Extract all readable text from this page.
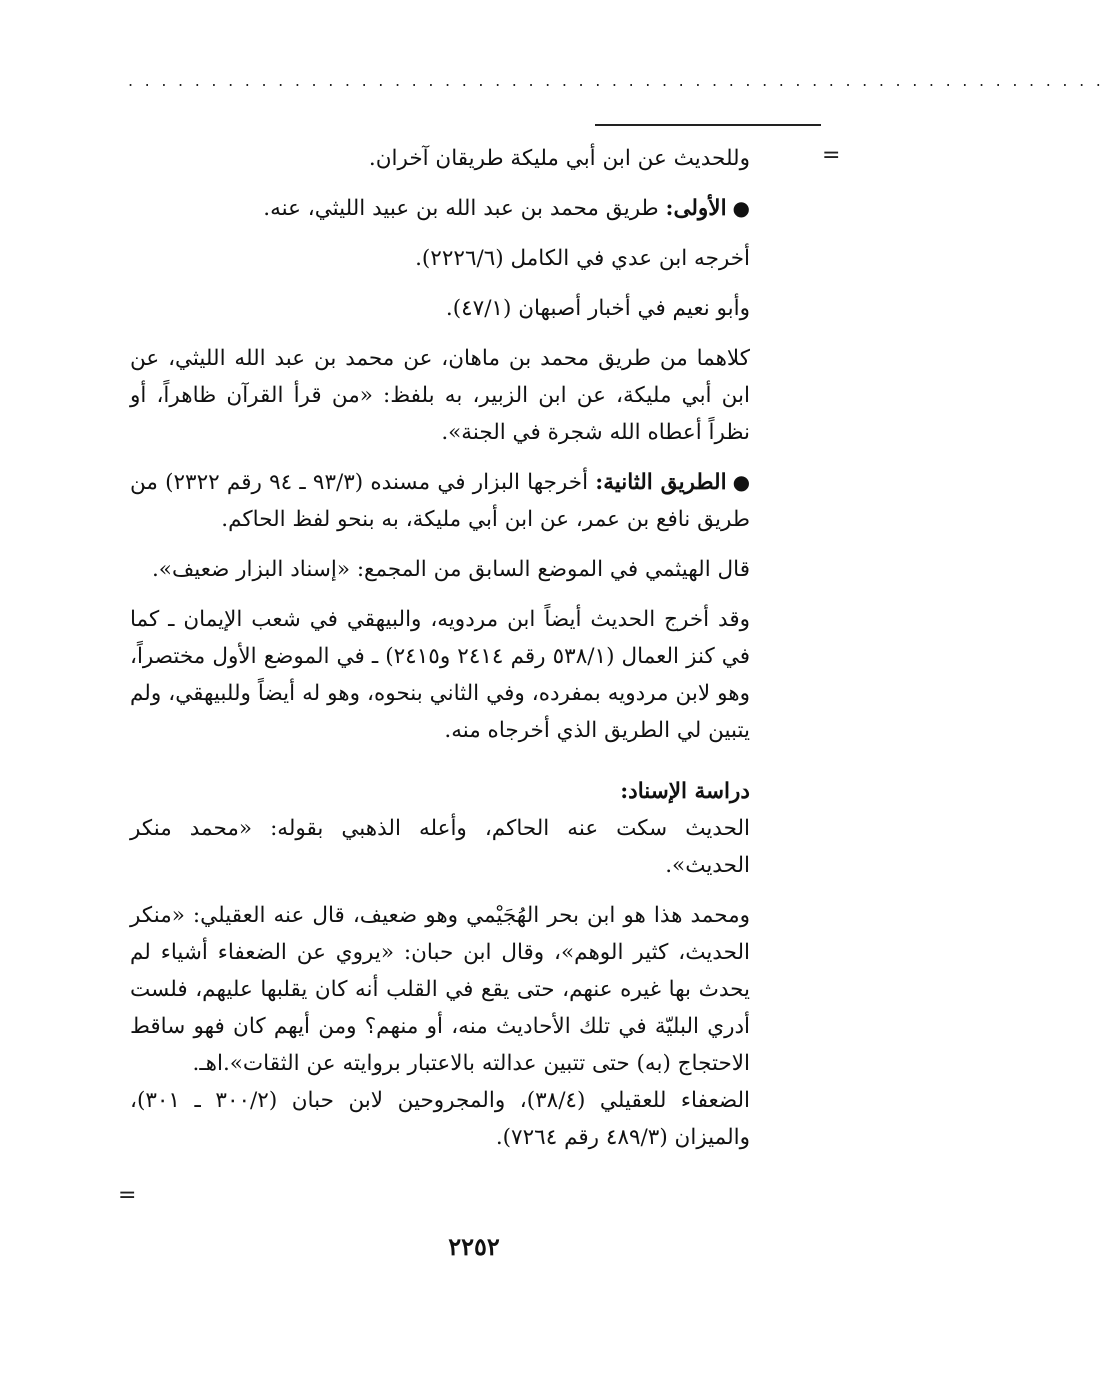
...........................................................
=

وللحديث عن ابن أبي مليكة طريقان آخران.

●الأولى: طريق محمد بن عبد الله بن عبيد الليثي، عنه.

أخرجه ابن عدي في الكامل (٢٢٢٦/٦).

وأبو نعيم في أخبار أصبهان (٤٧/١).

كلاهما من طريق محمد بن ماهان، عن محمد بن عبد الله الليثي، عن ابن أبي مليكة، عن ابن الزبير، به بلفظ: «من قرأ القرآن ظاهراً، أو نظراً أعطاه الله شجرة في الجنة».

●الطريق الثانية: أخرجها البزار في مسنده (٩٣/٣ ـ ٩٤ رقم ٢٣٢٢) من طريق نافع بن عمر، عن ابن أبي مليكة، به بنحو لفظ الحاكم.

قال الهيثمي في الموضع السابق من المجمع: «إسناد البزار ضعيف».

وقد أخرج الحديث أيضاً ابن مردويه، والبيهقي في شعب الإيمان ـ كما في كنز العمال (٥٣٨/١ رقم ٢٤١٤ و٢٤١٥) ـ في الموضع الأول مختصراً، وهو لابن مردويه بمفرده، وفي الثاني بنحوه، وهو له أيضاً وللبيهقي، ولم يتبين لي الطريق الذي أخرجاه منه.

دراسة الإسناد:

الحديث سكت عنه الحاكم، وأعله الذهبي بقوله: «محمد منكر الحديث».

ومحمد هذا هو ابن بحر الهُجَيْمي وهو ضعيف، قال عنه العقيلي: «منكر الحديث، كثير الوهم»، وقال ابن حبان: «يروي عن الضعفاء أشياء لم يحدث بها غيره عنهم، حتى يقع في القلب أنه كان يقلبها عليهم، فلست أدري البليّة في تلك الأحاديث منه، أو منهم؟ ومن أيهم كان فهو ساقط الاحتجاج (به) حتى تتبين عدالته بالاعتبار بروايته عن الثقات».اهـ.

الضعفاء للعقيلي (٣٨/٤)، والمجروحين لابن حبان (٣٠٠/٢ ـ ٣٠١)، والميزان (٤٨٩/٣ رقم ٧٢٦٤).

=
٢٢٥٢
